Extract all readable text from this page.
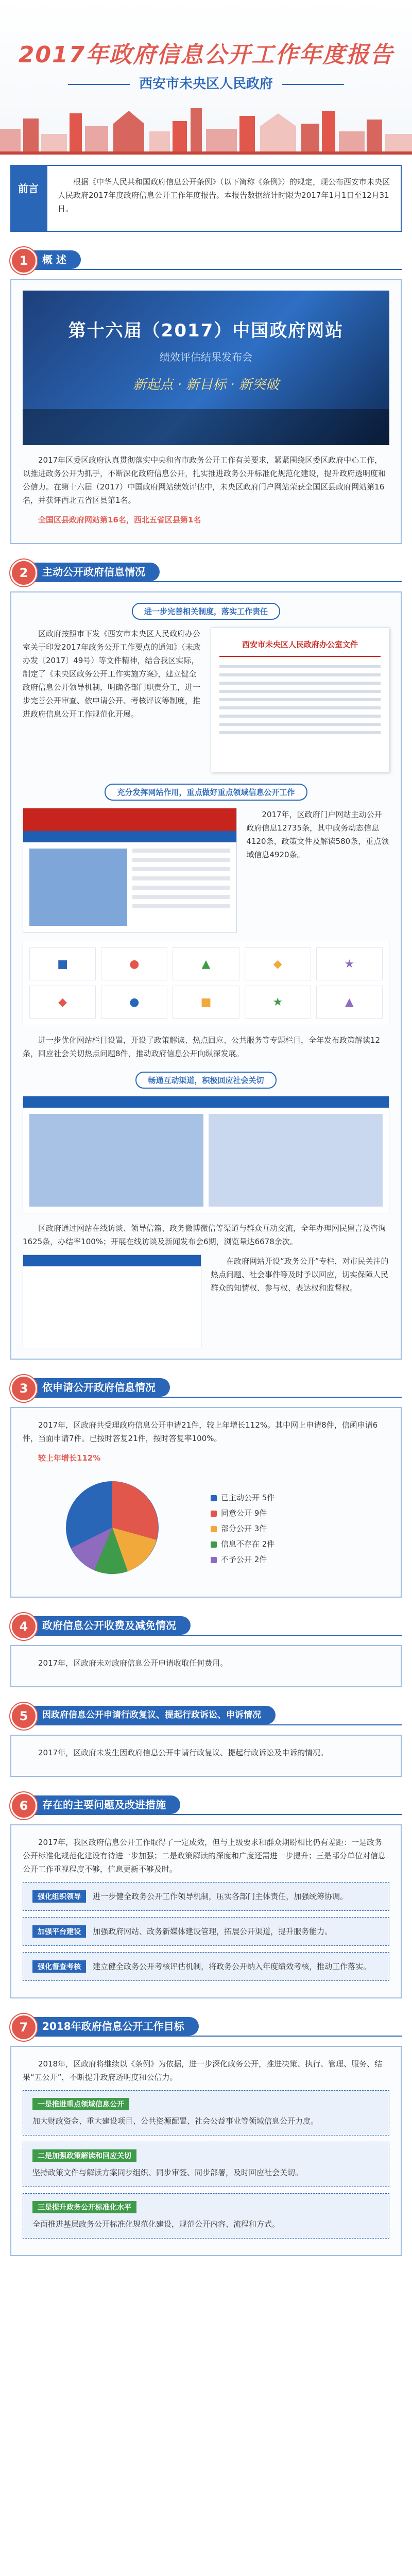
2017年政府信息公开工作年度报告
西安市未央区人民政府
前言

根据《中华人民共和国政府信息公开条例》（以下简称《条例》）的规定，现公布西安市未央区人民政府2017年度政府信息公开工作年度报告。本报告数据统计时限为2017年1月1日至12月31日。

1	概 述
第十六届（2017）中国政府网站
绩效评估结果发布会
新起点 · 新目标 · 新突破

2017年区委区政府认真贯彻落实中央和省市政务公开工作有关要求，紧紧围绕区委区政府中心工作，以推进政务公开为抓手，不断深化政府信息公开，扎实推进政务公开标准化规范化建设，提升政府透明度和公信力。在第十六届（2017）中国政府网站绩效评估中，未央区政府门户网站荣获全国区县政府网站第16名，并获评西北五省区县第1名。

全国区县政府网站第16名，西北五省区县第1名

2	主动公开政府信息情况
进一步完善相关制度，落实工作责任

区政府按照市下发《西安市未央区人民政府办公室关于印发2017年政务公开工作要点的通知》（未政办发〔2017〕49号）等文件精神，结合我区实际，制定了《未央区政务公开工作实施方案》，建立健全政府信息公开领导机制，明确各部门职责分工，进一步完善公开审查、依申请公开、考核评议等制度，推进政府信息公开工作规范化开展。

西安市未央区人民政府办公室文件
充分发挥网站作用，重点做好重点领域信息公开工作

2017年，区政府门户网站主动公开政府信息12735条，其中政务动态信息4120条，政策文件及解读580条，重点领域信息4920条。

■	●	▲	◆	★
◆	●	■	★	▲

进一步优化网站栏目设置，开设了政策解读、热点回应、公共服务等专题栏目，全年发布政策解读12条，回应社会关切热点问题8件，推动政府信息公开向纵深发展。

畅通互动渠道，积极回应社会关切

区政府通过网站在线访谈、领导信箱、政务微博微信等渠道与群众互动交流，全年办理网民留言及咨询1625条，办结率100%；开展在线访谈及新闻发布会6期，浏览量达6678余次。

在政府网站开设“政务公开”专栏，对市民关注的热点问题、社会事件等及时予以回应，切实保障人民群众的知情权、参与权、表达权和监督权。

3	依申请公开政府信息情况

2017年，区政府共受理政府信息公开申请21件，较上年增长112%。其中网上申请8件，信函申请6件，当面申请7件。已按时答复21件，按时答复率100%。

较上年增长112%

已主动公开 5件
同意公开 9件
部分公开 3件
信息不存在 2件
不予公开 2件
4	政府信息公开收费及减免情况

2017年，区政府未对政府信息公开申请收取任何费用。

5	因政府信息公开申请行政复议、提起行政诉讼、申诉情况

2017年，区政府未发生因政府信息公开申请行政复议、提起行政诉讼及申诉的情况。

6	存在的主要问题及改进措施

2017年，我区政府信息公开工作取得了一定成效，但与上级要求和群众期盼相比仍有差距：一是政务公开标准化规范化建设有待进一步加强；二是政策解读的深度和广度还需进一步提升；三是部分单位对信息公开工作重视程度不够，信息更新不够及时。

强化组织领导 进一步健全政务公开工作领导机制，压实各部门主体责任，加强统筹协调。
加强平台建设 加强政府网站、政务新媒体建设管理，拓展公开渠道，提升服务能力。
强化督查考核 建立健全政务公开考核评估机制，将政务公开纳入年度绩效考核，推动工作落实。
7	2018年政府信息公开工作目标

2018年，区政府将继续以《条例》为依据，进一步深化政务公开，推进决策、执行、管理、服务、结果“五公开”，不断提升政府透明度和公信力。

一是推进重点领域信息公开
加大财政资金、重大建设项目、公共资源配置、社会公益事业等领域信息公开力度。
二是加强政策解读和回应关切
坚持政策文件与解读方案同步组织、同步审签、同步部署，及时回应社会关切。
三是提升政务公开标准化水平
全面推进基层政务公开标准化规范化建设，规范公开内容、流程和方式。
